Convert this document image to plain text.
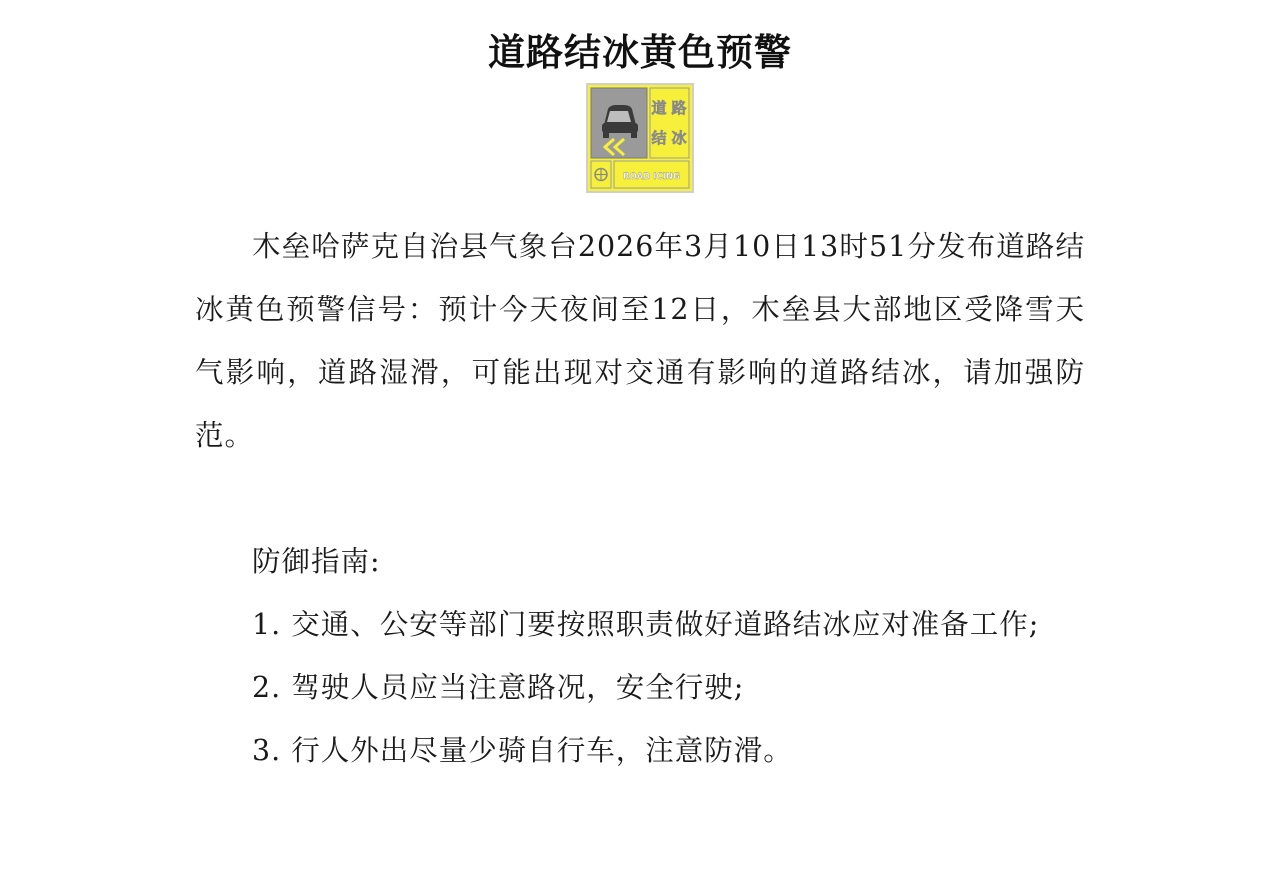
道路结冰黄色预警
道 路
结 冰
ROAD ICING

木垒哈萨克自治县气象台2026年3月10日13时51分发布道路结冰黄色预警信号：预计今天夜间至12日，木垒县大部地区受降雪天气影响，道路湿滑，可能出现对交通有影响的道路结冰，请加强防范。

防御指南:

1. 交通、公安等部门要按照职责做好道路结冰应对准备工作;
2. 驾驶人员应当注意路况，安全行驶;
3. 行人外出尽量少骑自行车，注意防滑。
